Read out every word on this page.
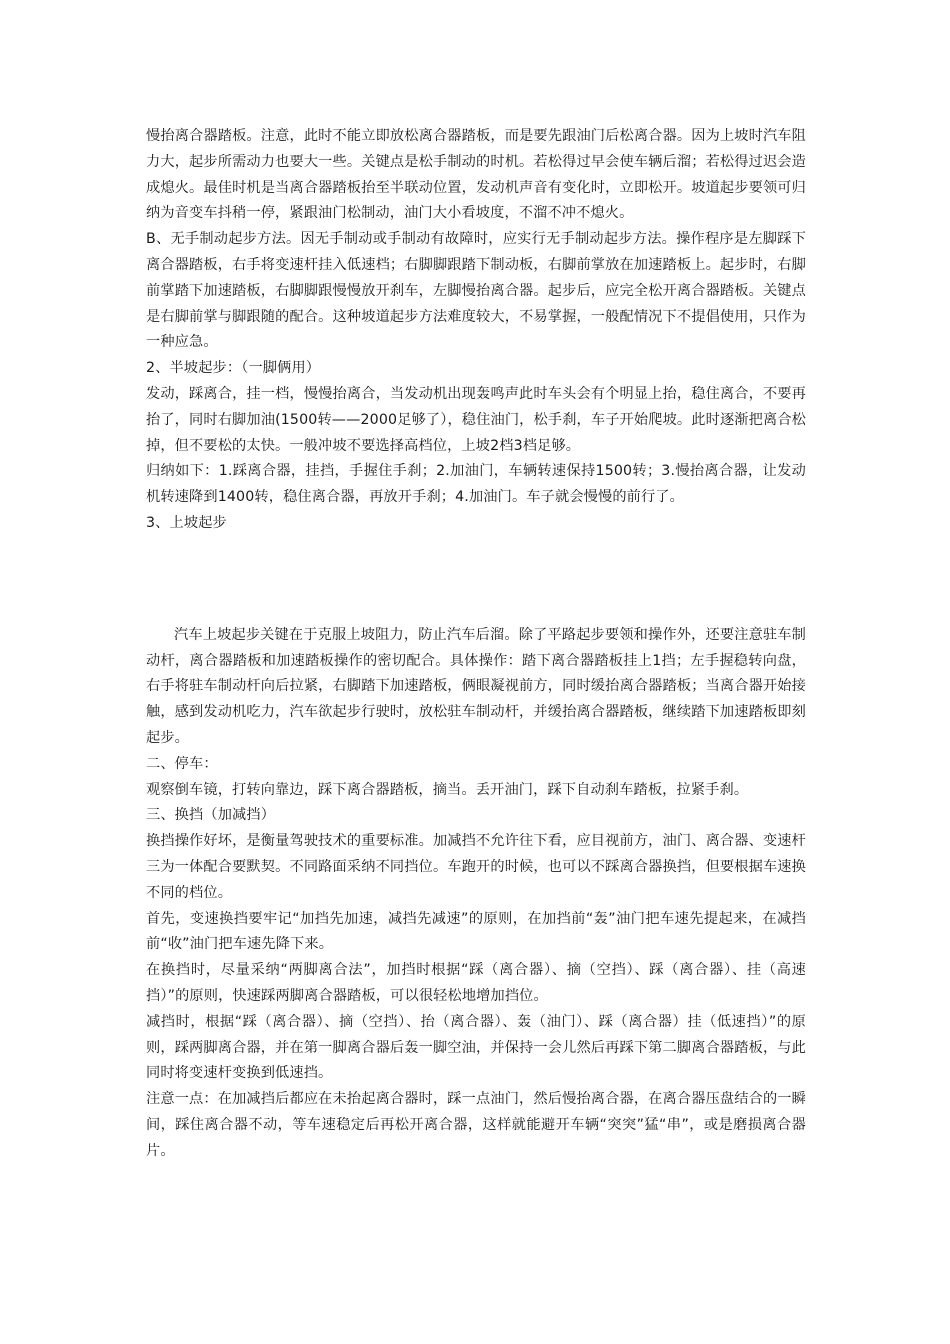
慢抬离合器踏板。注意，此时不能立即放松离合器踏板，而是要先跟油门后松离合器。因为上坡时汽车阻力大，起步所需动力也要大一些。关键点是松手制动的时机。若松得过早会使车辆后溜；若松得过迟会造成熄火。最佳时机是当离合器踏板抬至半联动位置，发动机声音有变化时，立即松开。坡道起步要领可归纳为音变车抖稍一停，紧跟油门松制动，油门大小看坡度，不溜不冲不熄火。

B、无手制动起步方法。因无手制动或手制动有故障时，应实行无手制动起步方法。操作程序是左脚踩下离合器踏板，右手将变速杆挂入低速档；右脚脚跟踏下制动板，右脚前掌放在加速踏板上。起步时，右脚前掌踏下加速踏板，右脚脚跟慢慢放开刹车，左脚慢抬离合器。起步后，应完全松开离合器踏板。关键点是右脚前掌与脚跟随的配合。这种坡道起步方法难度较大，不易掌握，一般配情况下不提倡使用，只作为一种应急。

2、半坡起步：（一脚俩用）

发动，踩离合，挂一档，慢慢抬离合，当发动机出现轰鸣声此时车头会有个明显上抬，稳住离合，不要再抬了，同时右脚加油(1500转——2000足够了），稳住油门，松手刹，车子开始爬坡。此时逐渐把离合松掉，但不要松的太快。一般冲坡不要选择高档位，上坡2档3档足够。

归纳如下：1.踩离合器，挂挡，手握住手刹；2.加油门，车辆转速保持1500转；3.慢抬离合器，让发动机转速降到1400转，稳住离合器，再放开手刹；4.加油门。车子就会慢慢的前行了。

3、上坡起步

汽车上坡起步关键在于克服上坡阻力，防止汽车后溜。除了平路起步要领和操作外，还要注意驻车制动杆，离合器踏板和加速踏板操作的密切配合。具体操作：踏下离合器踏板挂上1挡；左手握稳转向盘，右手将驻车制动杆向后拉紧，右脚踏下加速踏板，俩眼凝视前方，同时缓抬离合器踏板；当离合器开始接触，感到发动机吃力，汽车欲起步行驶时，放松驻车制动杆，并缓抬离合器踏板，继续踏下加速踏板即刻起步。

二、停车：

观察倒车镜，打转向靠边，踩下离合器踏板，摘当。丢开油门，踩下自动刹车踏板，拉紧手刹。

三、换挡（加减挡）

换挡操作好坏，是衡量驾驶技术的重要标准。加减挡不允许往下看，应目视前方，油门、离合器、变速杆三为一体配合要默契。不同路面采纳不同挡位。车跑开的时候，也可以不踩离合器换挡，但要根据车速换不同的档位。

首先，变速换挡要牢记“加挡先加速，减挡先减速”的原则，在加挡前“轰”油门把车速先提起来，在减挡前“收”油门把车速先降下来。

在换挡时，尽量采纳“两脚离合法”，加挡时根据“踩（离合器）、摘（空挡）、踩（离合器）、挂（高速挡）”的原则，快速踩两脚离合器踏板，可以很轻松地增加挡位。

减挡时，根据“踩（离合器）、摘（空挡）、抬（离合器）、轰（油门）、踩（离合器）挂（低速挡）”的原则，踩两脚离合器，并在第一脚离合器后轰一脚空油，并保持一会儿然后再踩下第二脚离合器踏板，与此同时将变速杆变换到低速挡。

注意一点：在加减挡后都应在未抬起离合器时，踩一点油门，然后慢抬离合器，在离合器压盘结合的一瞬间，踩住离合器不动，等车速稳定后再松开离合器，这样就能避开车辆“突突”猛“串”，或是磨损离合器片。
